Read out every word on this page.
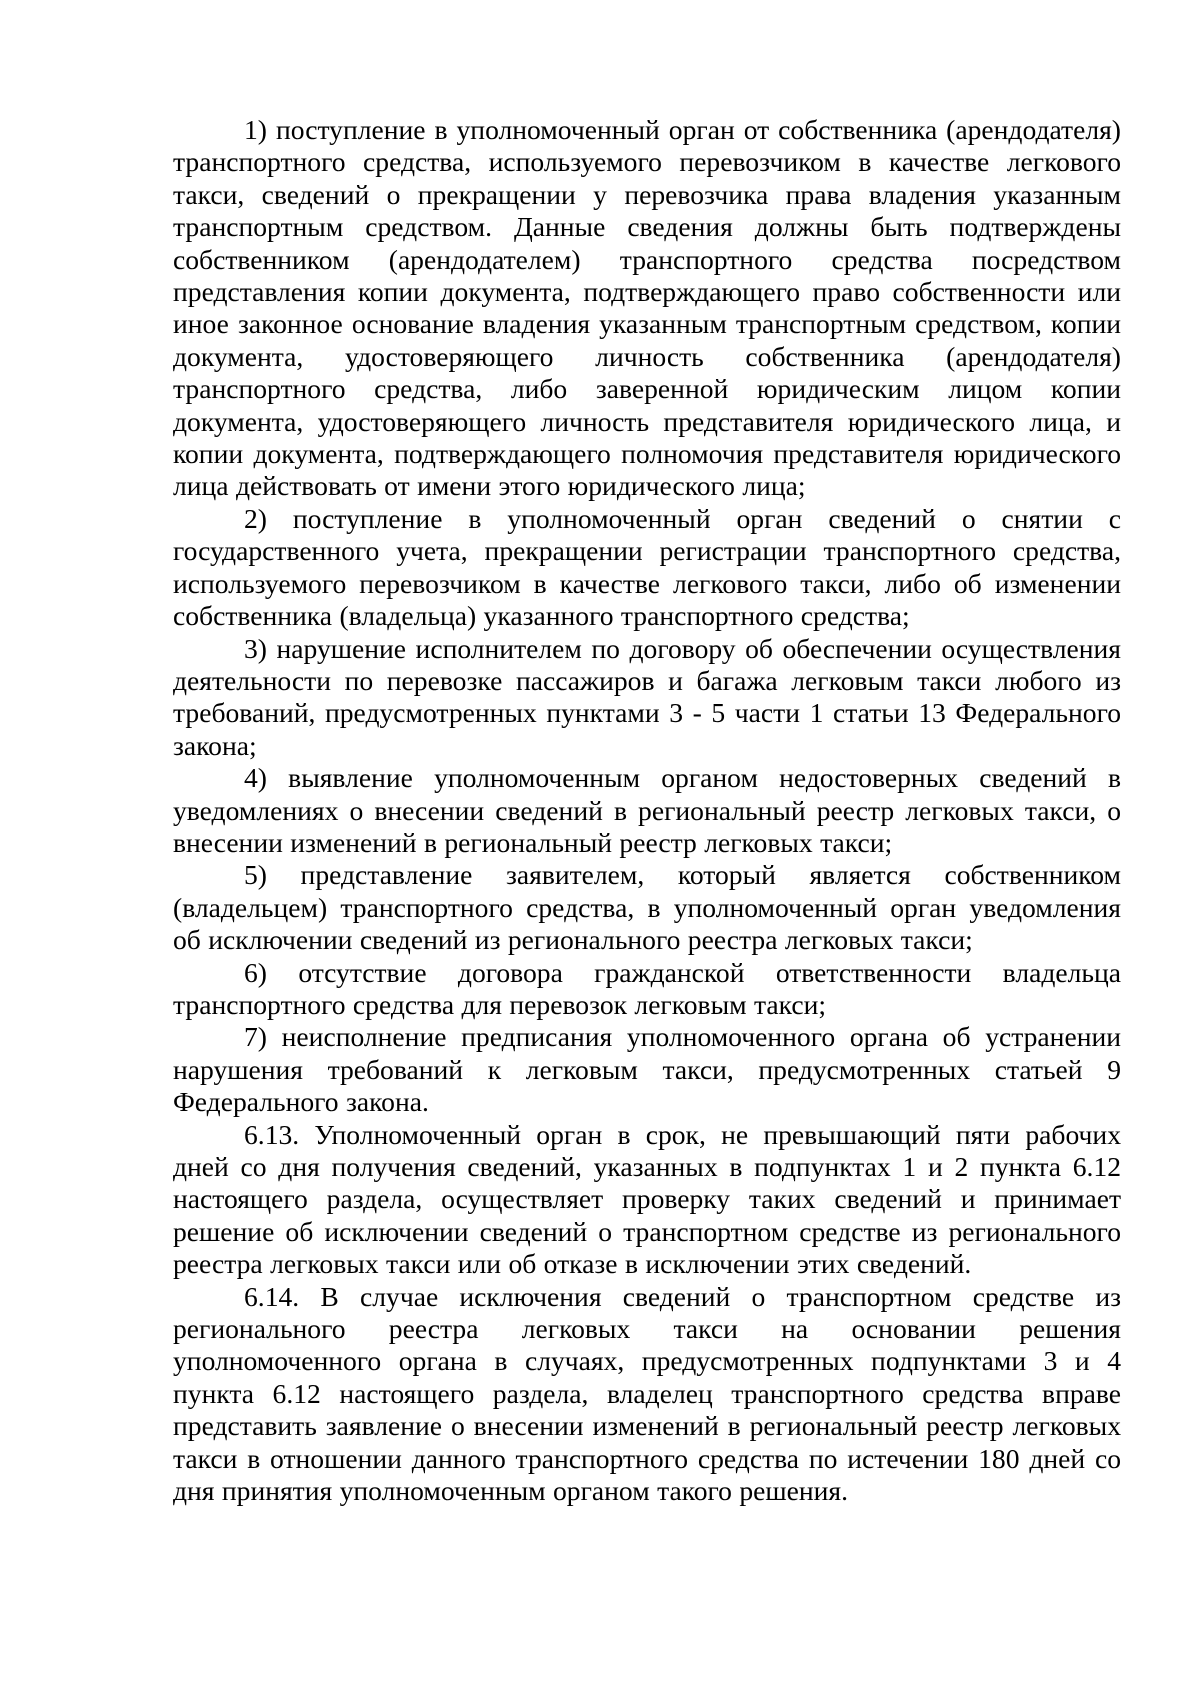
1) поступление в уполномоченный орган от собственника (арендодателя) транспортного средства, используемого перевозчиком в качестве легкового такси, сведений о прекращении у перевозчика права владения указанным транспортным средством. Данные сведения должны быть подтверждены собственником (арендодателем) транспортного средства посредством представления копии документа, подтверждающего право собственности или иное законное основание владения указанным транспортным средством, копии документа, удостоверяющего личность собственника (арендодателя) транспортного средства, либо заверенной юридическим лицом копии документа, удостоверяющего личность представителя юридического лица, и копии документа, подтверждающего полномочия представителя юридического лица действовать от имени этого юридического лица;

2) поступление в уполномоченный орган сведений о снятии с государственного учета, прекращении регистрации транспортного средства, используемого перевозчиком в качестве легкового такси, либо об изменении собственника (владельца) указанного транспортного средства;

3) нарушение исполнителем по договору об обеспечении осуществления деятельности по перевозке пассажиров и багажа легковым такси любого из требований, предусмотренных пунктами 3 - 5 части 1 статьи 13 Федерального закона;

4) выявление уполномоченным органом недостоверных сведений в уведомлениях о внесении сведений в региональный реестр легковых такси, о внесении изменений в региональный реестр легковых такси;

5) представление заявителем, который является собственником (владельцем) транспортного средства, в уполномоченный орган уведомления об исключении сведений из регионального реестра легковых такси;

6) отсутствие договора гражданской ответственности владельца транспортного средства для перевозок легковым такси;

7) неисполнение предписания уполномоченного органа об устранении нарушения требований к легковым такси, предусмотренных статьей 9 Федерального закона.

6.13. Уполномоченный орган в срок, не превышающий пяти рабочих дней со дня получения сведений, указанных в подпунктах 1 и 2 пункта 6.12 настоящего раздела, осуществляет проверку таких сведений и принимает решение об исключении сведений о транспортном средстве из регионального реестра легковых такси или об отказе в исключении этих сведений.

6.14. В случае исключения сведений о транспортном средстве из регионального реестра легковых такси на основании решения уполномоченного органа в случаях, предусмотренных подпунктами 3 и 4 пункта 6.12 настоящего раздела, владелец транспортного средства вправе представить заявление о внесении изменений в региональный реестр легковых такси в отношении данного транспортного средства по истечении 180 дней со дня принятия уполномоченным органом такого решения.
